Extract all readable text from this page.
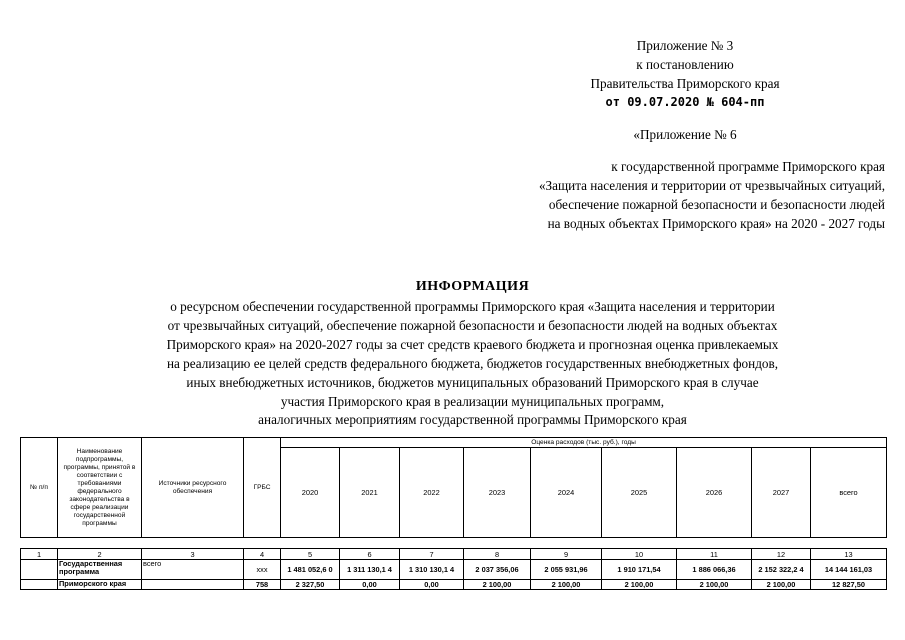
Приложение № 3
к постановлению
Правительства Приморского края
от 09.07.2020 № 604-пп
«Приложение № 6
к государственной программе Приморского края
«Защита населения и территории от чрезвычайных ситуаций,
обеспечение пожарной безопасности и безопасности людей
на водных объектах Приморского края» на 2020 - 2027 годы
ИНФОРМАЦИЯ
о ресурсном обеспечении государственной программы Приморского края «Защита населения и территории
от чрезвычайных ситуаций, обеспечение пожарной безопасности и безопасности людей на водных объектах
Приморского края» на 2020-2027 годы за счет средств краевого бюджета и прогнозная оценка привлекаемых
на реализацию ее целей средств федерального бюджета, бюджетов государственных внебюджетных фондов,
иных внебюджетных источников, бюджетов муниципальных образований Приморского края в случае
участия Приморского края в реализации муниципальных программ,
аналогичных мероприятиям государственной программы Приморского края
№ п/п	Наименование подпрограммы, программы, принятой в соответствии с требованиями федерального законодательства в сфере реализации государственной программы	Источники ресурсного обеспечения	ГРБС	Оценка расходов (тыс. руб.), годы								
				2020	2021	2022	2023	2024	2025	2026	2027	всего
1	2	3	4	5	6	7	8	9	10	11	12	13
	Государственная программа	всего	ххх	1 481 052,6 0	1 311 130,1 4	1 310 130,1 4	2 037 356,06	2 055 931,96	1 910 171,54	1 886 066,36	2 152 322,2 4	14 144 161,03
	Приморского края		758	2 327,50	0,00	0,00	2 100,00	2 100,00	2 100,00	2 100,00	2 100,00	12 827,50
